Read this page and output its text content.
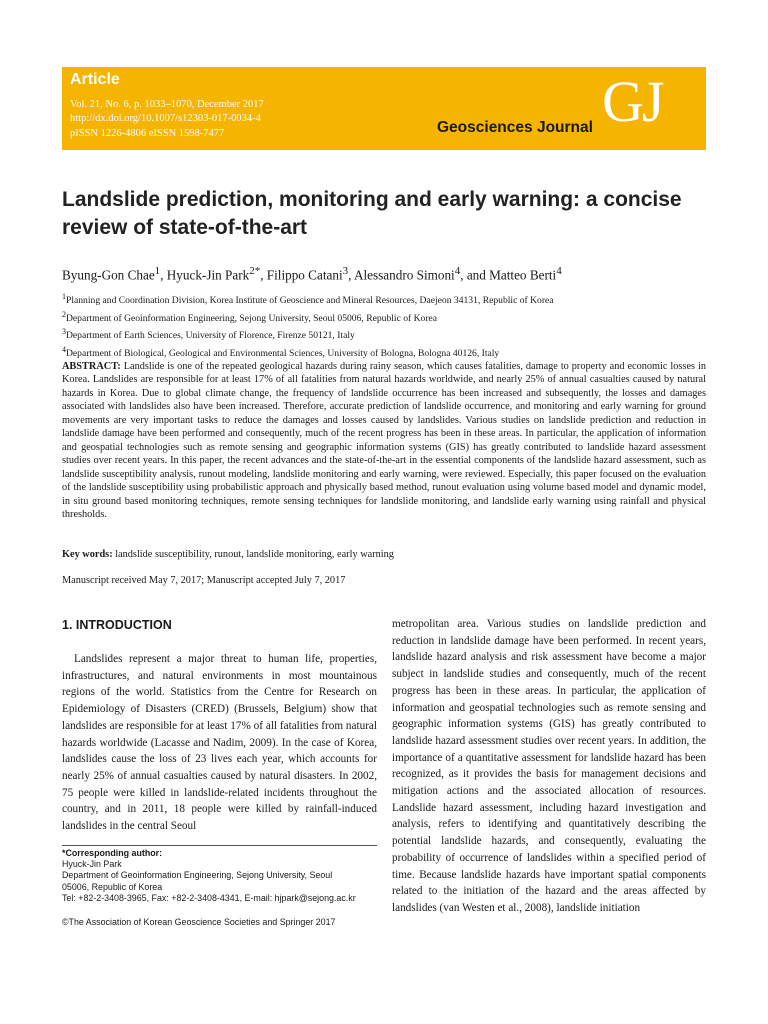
Article
Vol. 21, No. 6, p. 1033–1070, December 2017
http://dx.doi.org/10.1007/s12303-017-0034-4
pISSN 1226-4806 eISSN 1598-7477	Geosciences Journal GJ
Landslide prediction, monitoring and early warning: a concise review of state-of-the-art
Byung-Gon Chae$^1$, Hyuck-Jin Park$^{2*}$, Filippo Catani$^3$, Alessandro Simoni$^4$, and Matteo Berti$^4$
$^1$Planning and Coordination Division, Korea Institute of Geoscience and Mineral Resources, Daejeon 34131, Republic of Korea
$^2$Department of Geoinformation Engineering, Sejong University, Seoul 05006, Republic of Korea
$^3$Department of Earth Sciences, University of Florence, Firenze 50121, Italy
$^4$Department of Biological, Geological and Environmental Sciences, University of Bologna, Bologna 40126, Italy
ABSTRACT: Landslide is one of the repeated geological hazards during rainy season, which causes fatalities, damage to property and economic losses in Korea. Landslides are responsible for at least 17% of all fatalities from natural hazards worldwide, and nearly 25% of annual casualties caused by natural hazards in Korea. Due to global climate change, the frequency of landslide occurrence has been increased and subsequently, the losses and damages associated with landslides also have been increased. Therefore, accurate prediction of landslide occurrence, and monitoring and early warning for ground movements are very important tasks to reduce the damages and losses caused by landslides. Various studies on landslide prediction and reduction in landslide damage have been performed and consequently, much of the recent progress has been in these areas. In particular, the application of information and geospatial technologies such as remote sensing and geographic information systems (GIS) has greatly contributed to landslide hazard assessment studies over recent years. In this paper, the recent advances and the state-of-the-art in the essential components of the landslide hazard assessment, such as landslide susceptibility analysis, runout modeling, landslide monitoring and early warning, were reviewed. Especially, this paper focused on the evaluation of the landslide susceptibility using probabilistic approach and physically based method, runout evaluation using volume based model and dynamic model, in situ ground based monitoring techniques, remote sensing techniques for landslide monitoring, and landslide early warning using rainfall and physical thresholds.
Key words: landslide susceptibility, runout, landslide monitoring, early warning
Manuscript received May 7, 2017; Manuscript accepted July 7, 2017
1. INTRODUCTION
Landslides represent a major threat to human life, properties, infrastructures, and natural environments in most mountainous regions of the world. Statistics from the Centre for Research on Epidemiology of Disasters (CRED) (Brussels, Belgium) show that landslides are responsible for at least 17% of all fatalities from natural hazards worldwide (Lacasse and Nadim, 2009). In the case of Korea, landslides cause the loss of 23 lives each year, which accounts for nearly 25% of annual casualties caused by natural disasters. In 2002, 75 people were killed in landslide-related incidents throughout the country, and in 2011, 18 people were killed by rainfall-induced landslides in the central Seoul
metropolitan area. Various studies on landslide prediction and reduction in landslide damage have been performed. In recent years, landslide hazard analysis and risk assessment have become a major subject in landslide studies and consequently, much of the recent progress has been in these areas. In particular, the application of information and geospatial technologies such as remote sensing and geographic information systems (GIS) has greatly contributed to landslide hazard assessment studies over recent years. In addition, the importance of a quantitative assessment for landslide hazard has been recognized, as it provides the basis for management decisions and mitigation actions and the associated allocation of resources. Landslide hazard assessment, including hazard investigation and analysis, refers to identifying and quantitatively describing the potential landslide hazards, and consequently, evaluating the probability of occurrence of landslides within a specified period of time. Because landslide hazards have important spatial components related to the initiation of the hazard and the areas affected by landslides (van Westen et al., 2008), landslide initiation
*Corresponding author:
Hyuck-Jin Park
Department of Geoinformation Engineering, Sejong University, Seoul
05006, Republic of Korea
Tel: +82-2-3408-3965, Fax: +82-2-3408-4341, E-mail: hjpark@sejong.ac.kr
©The Association of Korean Geoscience Societies and Springer 2017
